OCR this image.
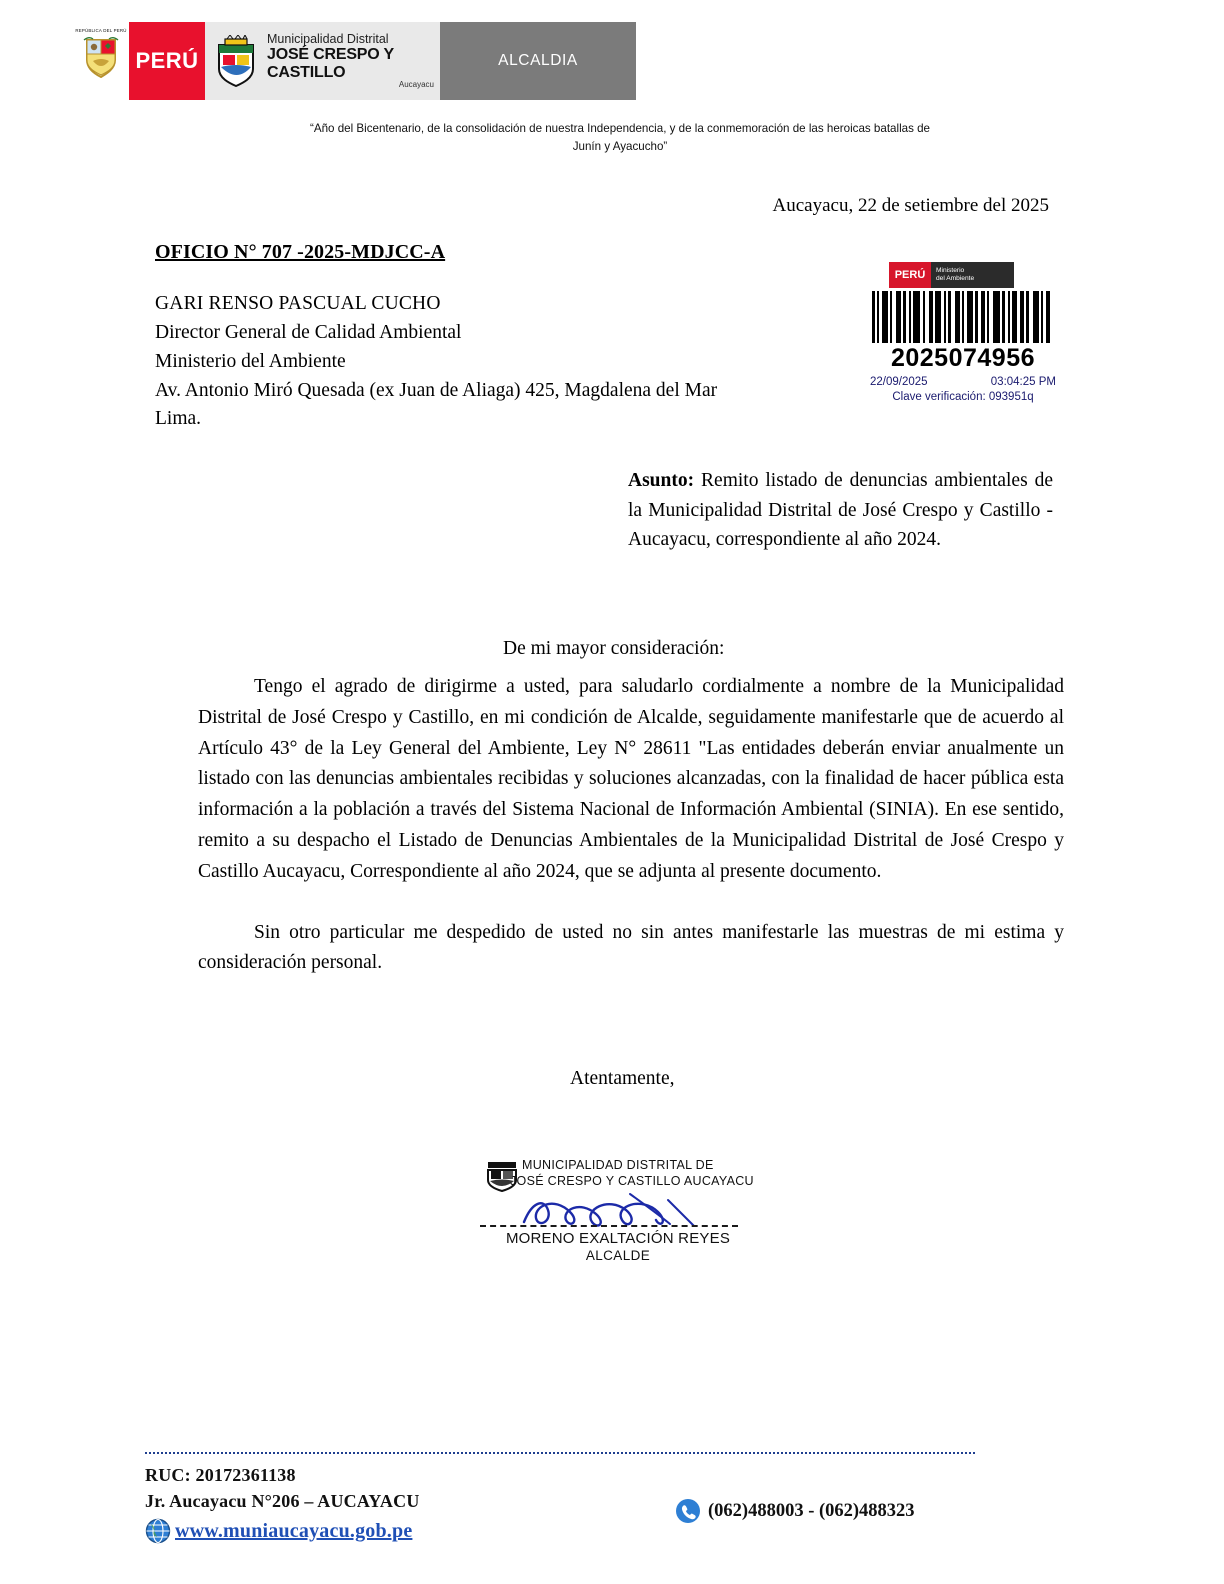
REPÚBLICA DEL PERÚ
PERÚ
Municipalidad Distrital
JOSÉ CRESPO Y CASTILLO
Aucayacu
ALCALDIA
“Año del Bicentenario, de la consolidación de nuestra Independencia, y de la conmemoración de las heroicas batallas de Junín y Ayacucho”
Aucayacu, 22 de setiembre del 2025
OFICIO N° 707 -2025-MDJCC-A
GARI RENSO PASCUAL CUCHO
Director General de Calidad Ambiental
Ministerio del Ambiente
Av. Antonio Miró Quesada (ex Juan de Aliaga) 425, Magdalena del Mar
Lima.
PERÚ	Ministerio
del Ambiente
2025074956
22/09/2025	03:04:25 PM
Clave verificación: 093951q
Asunto: Remito listado de denuncias ambientales de la Municipalidad Distrital de José Crespo y Castillo - Aucayacu, correspondiente al año 2024.
De mi mayor consideración:

Tengo el agrado de dirigirme a usted, para saludarlo cordialmente a nombre de la Municipalidad Distrital de José Crespo y Castillo, en mi condición de Alcalde, seguidamente manifestarle que de acuerdo al Artículo 43° de la Ley General del Ambiente, Ley N° 28611 "Las entidades deberán enviar anualmente un listado con las denuncias ambientales recibidas y soluciones alcanzadas, con la finalidad de hacer pública esta información a la población a través del Sistema Nacional de Información Ambiental (SINIA). En ese sentido, remito a su despacho el Listado de Denuncias Ambientales de la Municipalidad Distrital de José Crespo y Castillo Aucayacu, Correspondiente al año 2024, que se adjunta al presente documento.

Sin otro particular me despedido de usted no sin antes manifestarle las muestras de mi estima y consideración personal.

Atentamente,
MUNICIPALIDAD DISTRITAL DE
JOSÉ CRESPO Y CASTILLO AUCAYACU
MORENO EXALTACIÓN REYES
ALCALDE
RUC: 20172361138
Jr. Aucayacu N°206 – AUCAYACU
www.muniaucayacu.gob.pe
(062)488003 - (062)488323
